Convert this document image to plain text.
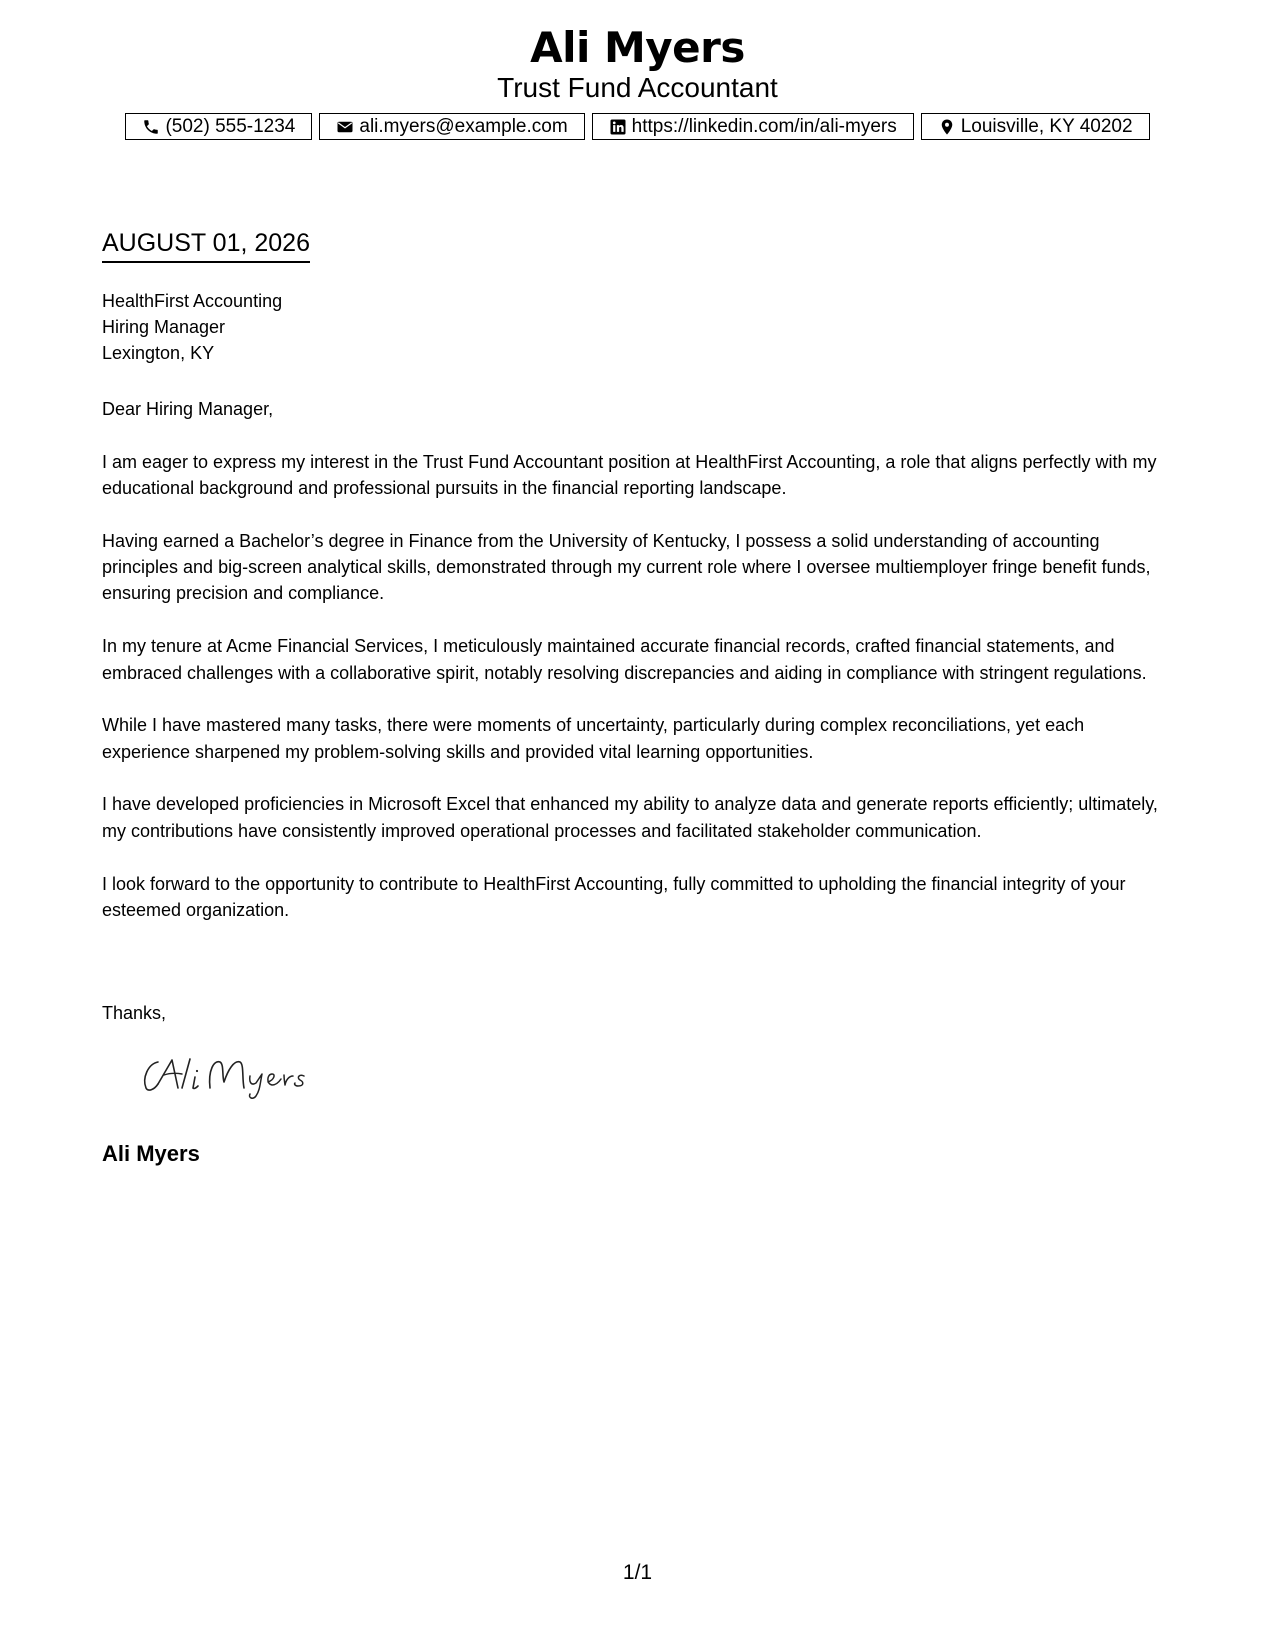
Ali Myers
Trust Fund Accountant
(502) 555-1234	ali.myers@example.com	https://linkedin.com/in/ali-myers	Louisville, KY 40202
AUGUST 01, 2026
HealthFirst Accounting
Hiring Manager
Lexington, KY

Dear Hiring Manager,

I am eager to express my interest in the Trust Fund Accountant position at HealthFirst Accounting, a role that aligns perfectly with my educational background and professional pursuits in the financial reporting landscape.

Having earned a Bachelor’s degree in Finance from the University of Kentucky, I possess a solid understanding of accounting principles and big-screen analytical skills, demonstrated through my current role where I oversee multiemployer fringe benefit funds, ensuring precision and compliance.

In my tenure at Acme Financial Services, I meticulously maintained accurate financial records, crafted financial statements, and embraced challenges with a collaborative spirit, notably resolving discrepancies and aiding in compliance with stringent regulations.

While I have mastered many tasks, there were moments of uncertainty, particularly during complex reconciliations, yet each experience sharpened my problem-solving skills and provided vital learning opportunities.

I have developed proficiencies in Microsoft Excel that enhanced my ability to analyze data and generate reports efficiently; ultimately, my contributions have consistently improved operational processes and facilitated stakeholder communication.

I look forward to the opportunity to contribute to HealthFirst Accounting, fully committed to upholding the financial integrity of your esteemed organization.

Thanks,
Ali Myers
1/1
